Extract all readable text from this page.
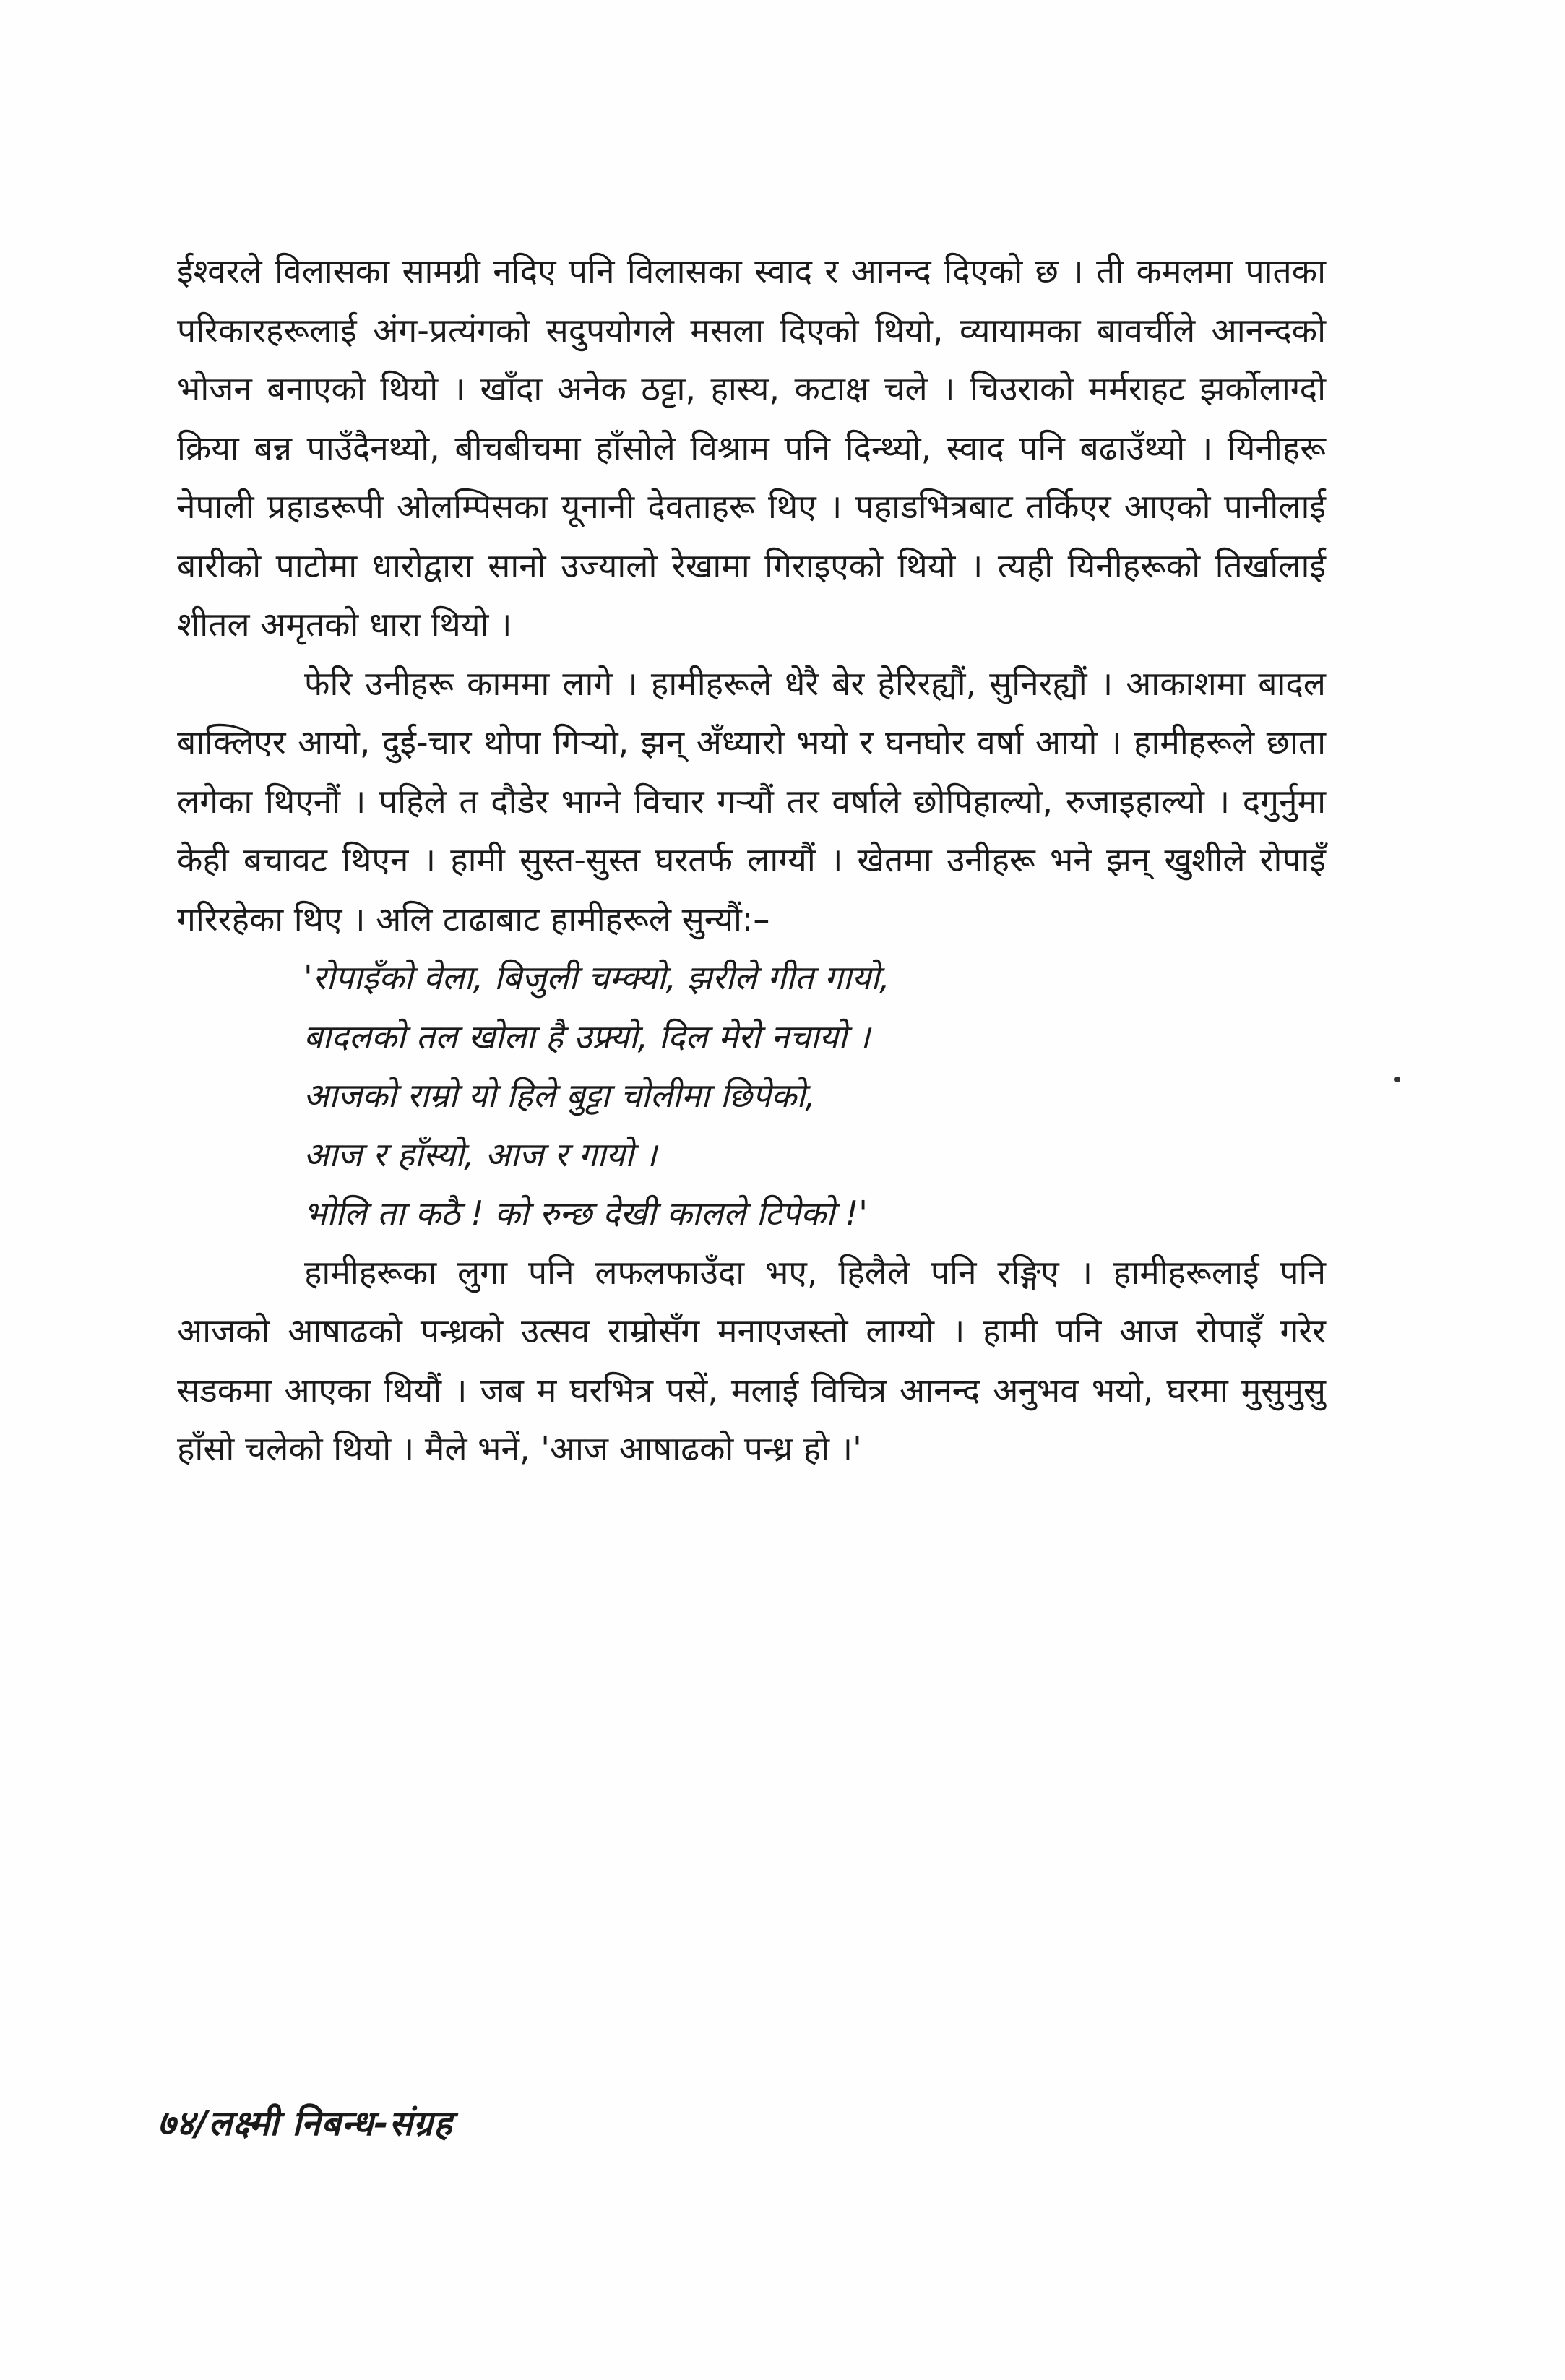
ईश्वरले विलासका सामग्री नदिए पनि विलासका स्वाद र आनन्द दिएको छ । ती कमलमा पातका परिकारहरूलाई अंग-प्रत्यंगको सदुपयोगले मसला दिएको थियो, व्यायामका बावर्चीले आनन्दको भोजन बनाएको थियो । खाँदा अनेक ठट्टा, हास्य, कटाक्ष चले । चिउराको मर्मराहट झर्कोलाग्दो क्रिया बन्न पाउँदैनथ्यो, बीचबीचमा हाँसोले विश्राम पनि दिन्थ्यो, स्वाद पनि बढाउँथ्यो । यिनीहरू नेपाली प्रहाडरूपी ओलम्पिसका यूनानी देवताहरू थिए । पहाडभित्रबाट तर्किएर आएको पानीलाई बारीको पाटोमा धारोद्वारा सानो उज्यालो रेखामा गिराइएको थियो । त्यही यिनीहरूको तिर्खालाई शीतल अमृतको धारा थियो ।

फेरि उनीहरू काममा लागे । हामीहरूले धेरै बेर हेरिरह्यौं, सुनिरह्यौं । आकाशमा बादल बाक्लिएर आयो, दुई-चार थोपा गिऱ्यो, झन् अँध्यारो भयो र घनघोर वर्षा आयो । हामीहरूले छाता लगेका थिएनौं । पहिले त दौडेर भाग्ने विचार गऱ्यौं तर वर्षाले छोपिहाल्यो, रुजाइहाल्यो । दगुर्नुमा केही बचावट थिएन । हामी सुस्त-सुस्त घरतर्फ लाग्यौं । खेतमा उनीहरू भने झन् खुशीले रोपाइँ गरिरहेका थिए । अलि टाढाबाट हामीहरूले सुन्यौं:–

'रोपाइँको वेला, बिजुली चम्क्यो, झरीले गीत गायो,
बादलको तल खोला है उफ्र्यो, दिल मेरो नचायो ।
आजको राम्रो यो हिले बुट्टा चोलीमा छिपेको,
आज र हाँस्यो, आज र गायो ।
भोलि ता कठै ! को रुन्छ देखी कालले टिपेको !'

हामीहरूका लुगा पनि लफलफाउँदा भए, हिलैले पनि रङ्गिए । हामीहरूलाई पनि आजको आषाढको पन्ध्रको उत्सव राम्रोसँग मनाएजस्तो लाग्यो । हामी पनि आज रोपाइँ गरेर सडकमा आएका थियौं । जब म घरभित्र पसें, मलाई विचित्र आनन्द अनुभव भयो, घरमा मुसुमुसु हाँसो चलेको थियो । मैले भनें, 'आज आषाढको पन्ध्र हो ।'

७४/लक्ष्मी निबन्ध-संग्रह
